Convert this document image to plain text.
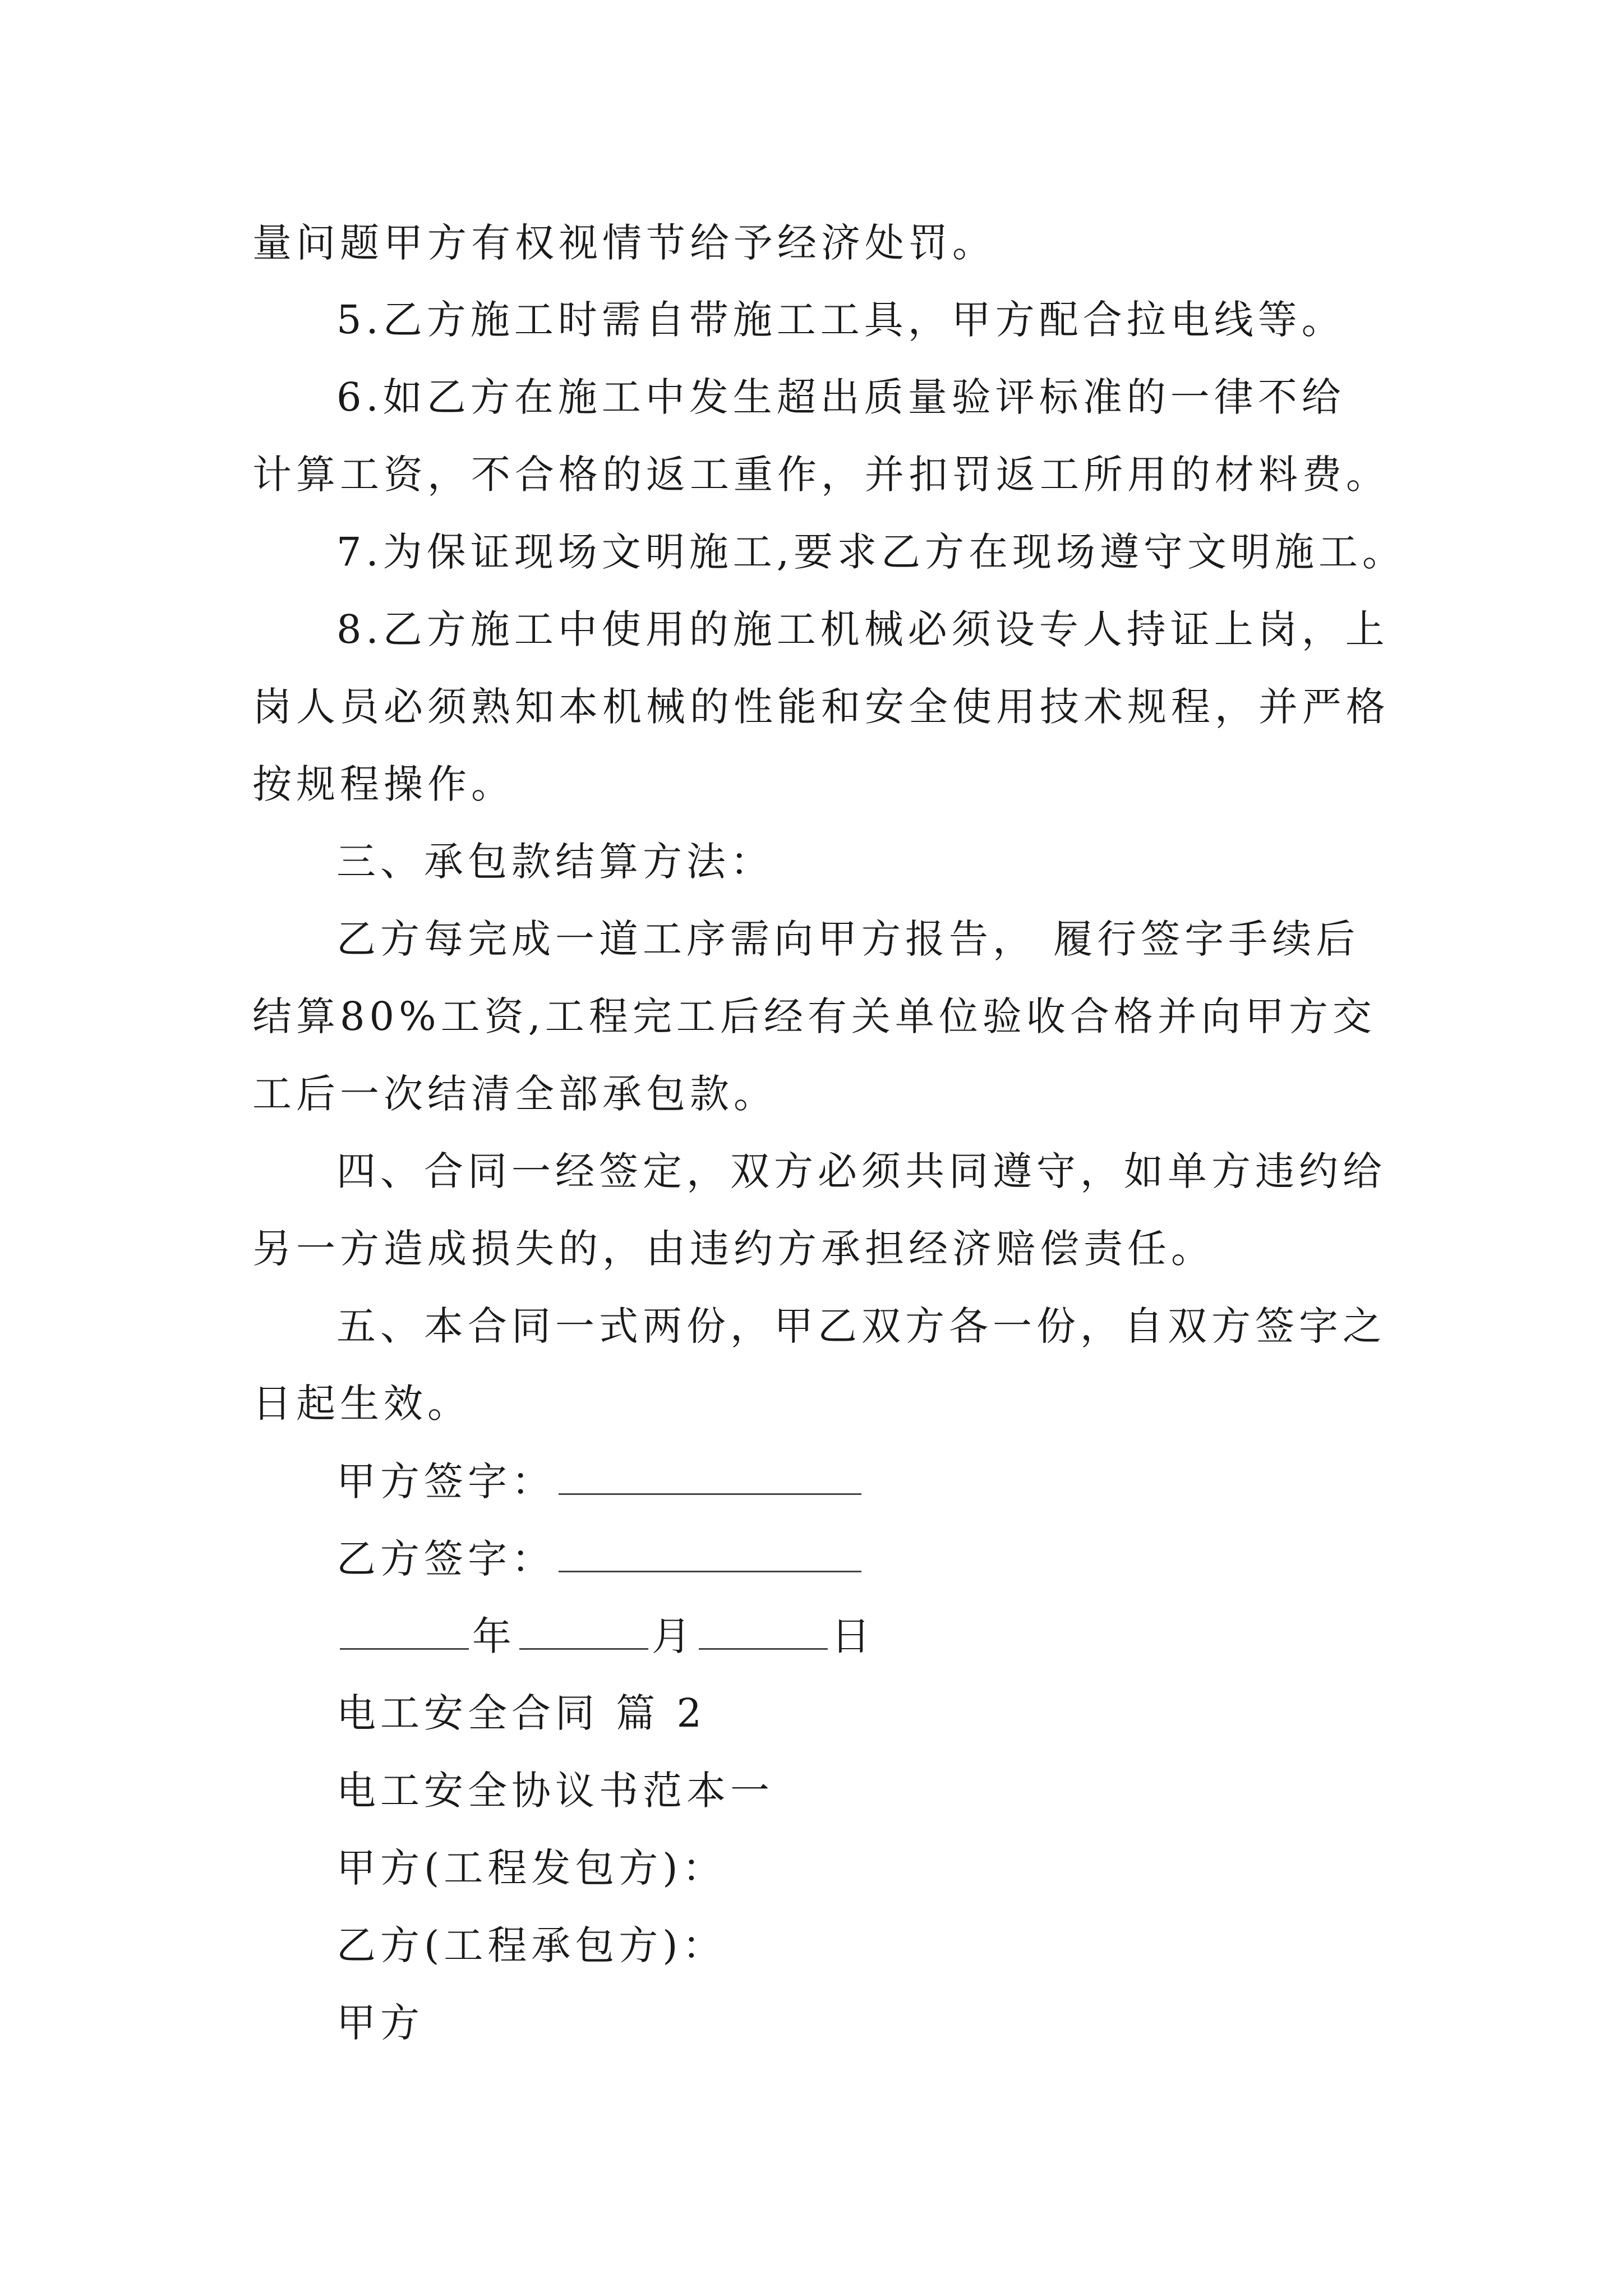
量问题甲方有权视情节给予经济处罚。
5.乙方施工时需自带施工工具，甲方配合拉电线等。
6.如乙方在施工中发生超出质量验评标准的一律不给
计算工资，不合格的返工重作，并扣罚返工所用的材料费。
7.为保证现场文明施工,要求乙方在现场遵守文明施工。
8.乙方施工中使用的施工机械必须设专人持证上岗，上
岗人员必须熟知本机械的性能和安全使用技术规程，并严格
按规程操作。
三、承包款结算方法：
乙方每完成一道工序需向甲方报告， 履行签字手续后
结算80%工资,工程完工后经有关单位验收合格并向甲方交
工后一次结清全部承包款。
四、合同一经签定，双方必须共同遵守，如单方违约给
另一方造成损失的，由违约方承担经济赔偿责任。
五、本合同一式两份，甲乙双方各一份，自双方签字之
日起生效。
甲方签字：
乙方签字：
年	月	日
电工安全合同 篇 2
电工安全协议书范本一
甲方(工程发包方)：
乙方(工程承包方)：
甲方
